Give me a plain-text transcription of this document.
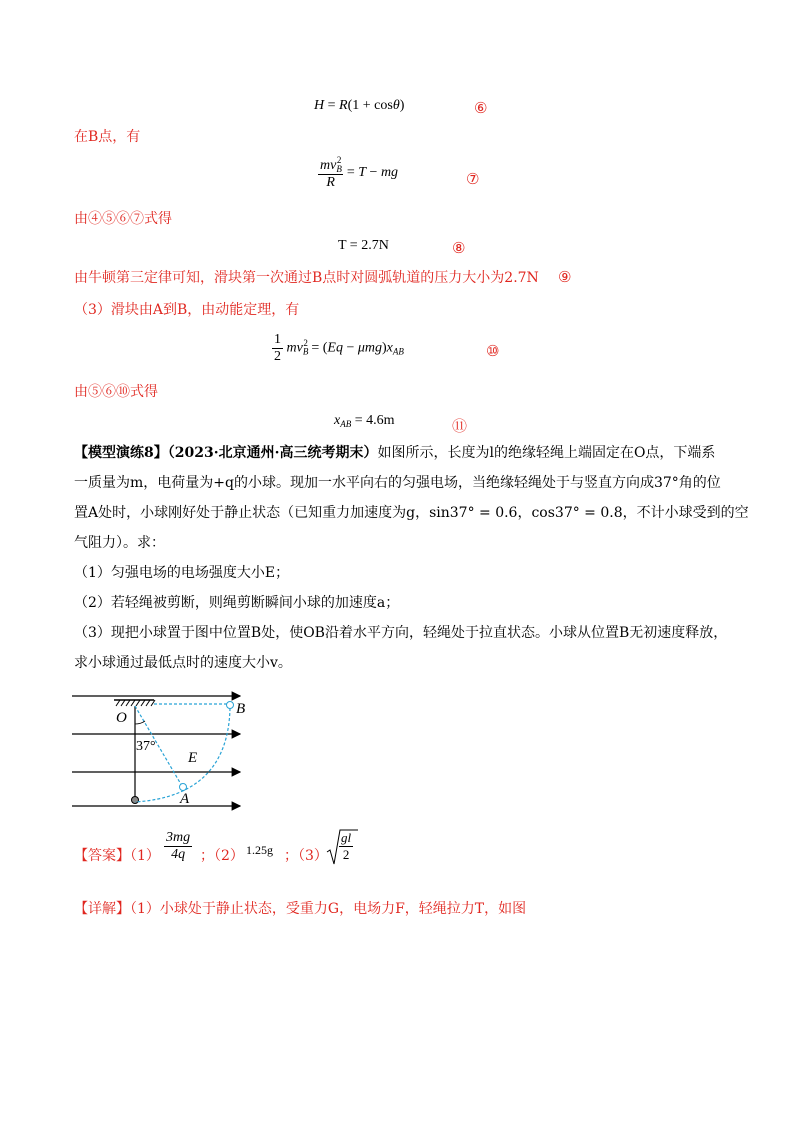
H = R(1 + cosθ)	⑥
在B点，有
$\frac{mv_B^2}{R} = T$ − mg	⑦
由④⑤⑥⑦式得
T = 2.7N	⑧
由牛顿第三定律可知，滑块第一次通过B点时对圆弧轨道的压力大小为2.7N ⑨
（3）滑块由A到B，由动能定理，有
$\frac{1}{2} mv_B^2 = (Eq - \mu mg)x_{AB}$	⑩
由⑤⑥⑩式得
$x_{AB} = 4.6m$	⑪
【模型演练8】（2023·北京通州·高三统考期末）如图所示，长度为l的绝缘轻绳上端固定在O点，下端系
一质量为m，电荷量为+q的小球。现加一水平向右的匀强电场，当绝缘轻绳处于与竖直方向成37°角的位
置A处时，小球刚好处于静止状态（已知重力加速度为g，sin37° = 0.6，cos37° = 0.8，不计小球受到的空
气阻力）。求：
（1）匀强电场的电场强度大小E；
（2）若轻绳被剪断，则绳剪断瞬间小球的加速度a；
（3）现把小球置于图中位置B处，使OB沿着水平方向，轻绳处于拉直状态。小球从位置B无初速度释放，
求小球通过最低点时的速度大小v。
O
B
E
A
37°
【答案】$(1) \frac{3mg}{4q}$ ；（2） 1.25g ；$(3) \frac{gl}{2}$
【详解】（1）小球处于静止状态，受重力G，电场力F，轻绳拉力T，如图
